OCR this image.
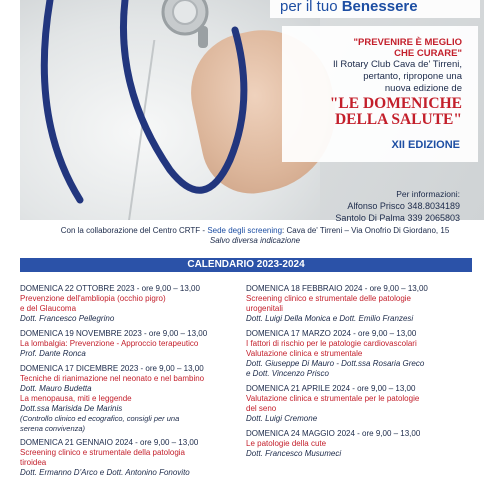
per il tuo Benessere
"PREVENIRE È MEGLIO
CHE CURARE"
Il Rotary Club Cava de' Tirreni,
pertanto, ripropone una
nuova edizione de
"LE DOMENICHE
DELLA SALUTE"
XII EDIZIONE
Per informazioni:
Alfonso Prisco 348.8034189
Santolo Di Palma 339 2065803
Con la collaborazione del Centro CRTF - Sede degli screening: Cava de' Tirreni – Via Onofrio Di Giordano, 15
Salvo diversa indicazione
CALENDARIO 2023-2024
DOMENICA 22 OTTOBRE 2023 - ore 9,00 – 13,00
Prevenzione dell'ambliopia (occhio pigro)
e del Glaucoma
Dott. Francesco Pellegrino
DOMENICA 19 NOVEMBRE 2023 - ore 9,00 – 13,00
La lombalgia: Prevenzione - Approccio terapeutico
Prof. Dante Ronca
DOMENICA 17 DICEMBRE 2023 - ore 9,00 – 13,00
Tecniche di rianimazione nel neonato e nel bambino
Dott. Mauro Budetta
La menopausa, miti e leggende
Dott.ssa Marisida De Marinis
(Controllo clinico ed ecografico, consigli per una
serena convivenza)
DOMENICA 21 GENNAIO 2024 - ore 9,00 – 13,00
Screening clinico e strumentale della patologia
tiroidea
Dott. Ermanno D'Arco e Dott. Antonino Fonovito
DOMENICA 18 FEBBRAIO 2024 - ore 9,00 – 13,00
Screening clinico e strumentale delle patologie
urogenitali
Dott. Luigi Della Monica e Dott. Emilio Franzesi
DOMENICA 17 MARZO 2024 - ore 9,00 – 13,00
I fattori di rischio per le patologie cardiovascolari
Valutazione clinica e strumentale
Dott. Giuseppe Di Mauro - Dott.ssa Rosaria Greco
e Dott. Vincenzo Prisco
DOMENICA 21 APRILE 2024 - ore 9,00 – 13,00
Valutazione clinica e strumentale per le patologie
del seno
Dott. Luigi Cremone
DOMENICA 24 MAGGIO 2024 - ore 9,00 – 13,00
Le patologie della cute
Dott. Francesco Musumeci
